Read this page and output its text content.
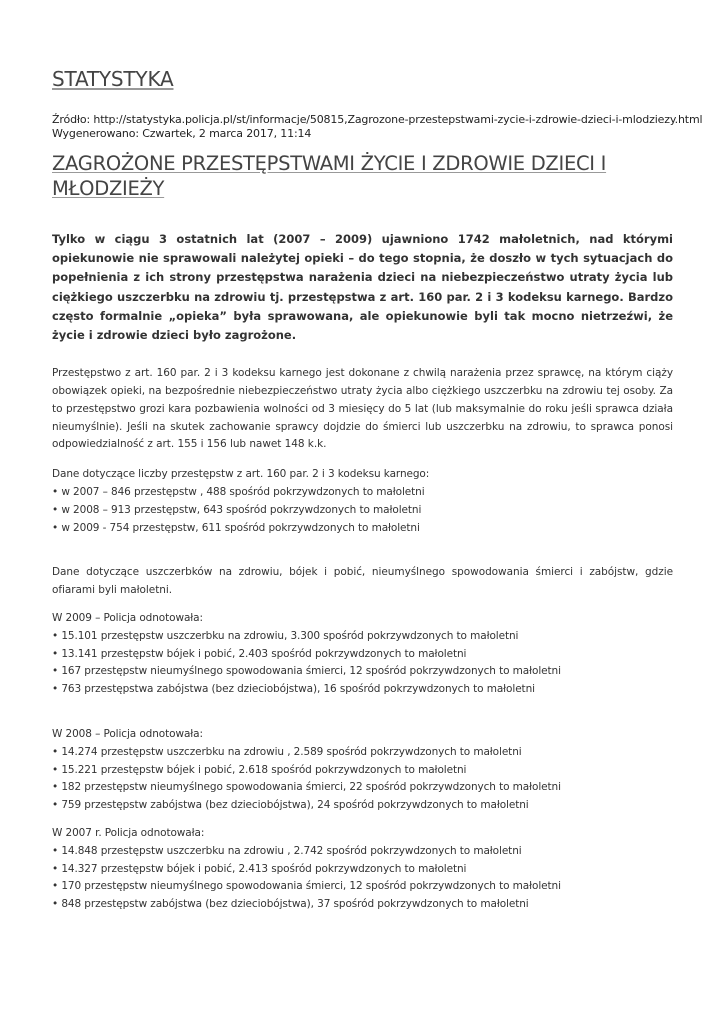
STATYSTYKA
Źródło: http://statystyka.policja.pl/st/informacje/50815,Zagrozone-przestepstwami-zycie-i-zdrowie-dzieci-i-mlodziezy.html
Wygenerowano: Czwartek, 2 marca 2017, 11:14
ZAGROŻONE PRZESTĘPSTWAMI ŻYCIE I ZDROWIE DZIECI I MŁODZIEŻY
Tylko w ciągu 3 ostatnich lat (2007 – 2009) ujawniono 1742 małoletnich, nad którymi opiekunowie nie sprawowali należytej opieki – do tego stopnia, że doszło w tych sytuacjach do popełnienia z ich strony przestępstwa narażenia dzieci na niebezpieczeństwo utraty życia lub ciężkiego uszczerbku na zdrowiu tj. przestępstwa z art. 160 par. 2 i 3 kodeksu karnego. Bardzo często formalnie „opieka” była sprawowana, ale opiekunowie byli tak mocno nietrzeźwi, że życie i zdrowie dzieci było zagrożone.
Przestępstwo z art. 160 par. 2 i 3 kodeksu karnego jest dokonane z chwilą narażenia przez sprawcę, na którym ciąży obowiązek opieki, na bezpośrednie niebezpieczeństwo utraty życia albo ciężkiego uszczerbku na zdrowiu tej osoby. Za to przestępstwo grozi kara pozbawienia wolności od 3 miesięcy do 5 lat (lub maksymalnie do roku jeśli sprawca działa nieumyślnie). Jeśli na skutek zachowanie sprawcy dojdzie do śmierci lub uszczerbku na zdrowiu, to sprawca ponosi odpowiedzialność z art. 155 i 156 lub nawet 148 k.k.
Dane dotyczące liczby przestępstw z art. 160 par. 2 i 3 kodeksu karnego:
• w 2007 – 846 przestępstw , 488 spośród pokrzywdzonych to małoletni
• w 2008 – 913 przestępstw, 643 spośród pokrzywdzonych to małoletni
• w 2009 - 754 przestępstw, 611 spośród pokrzywdzonych to małoletni
Dane dotyczące uszczerbków na zdrowiu, bójek i pobić, nieumyślnego spowodowania śmierci i zabójstw, gdzie ofiarami byli małoletni.
W 2009 – Policja odnotowała:
• 15.101 przestępstw uszczerbku na zdrowiu, 3.300 spośród pokrzywdzonych to małoletni
• 13.141 przestępstw bójek i pobić, 2.403 spośród pokrzywdzonych to małoletni
• 167 przestępstw nieumyślnego spowodowania śmierci, 12 spośród pokrzywdzonych to małoletni
• 763 przestępstwa zabójstwa (bez dzieciobójstwa), 16 spośród pokrzywdzonych to małoletni
W 2008 – Policja odnotowała:
• 14.274 przestępstw uszczerbku na zdrowiu , 2.589 spośród pokrzywdzonych to małoletni
• 15.221 przestępstw bójek i pobić, 2.618 spośród pokrzywdzonych to małoletni
• 182 przestępstw nieumyślnego spowodowania śmierci, 22 spośród pokrzywdzonych to małoletni
• 759 przestępstw zabójstwa (bez dzieciobójstwa), 24 spośród pokrzywdzonych to małoletni
W 2007 r. Policja odnotowała:
• 14.848 przestępstw uszczerbku na zdrowiu , 2.742 spośród pokrzywdzonych to małoletni
• 14.327 przestępstw bójek i pobić, 2.413 spośród pokrzywdzonych to małoletni
• 170 przestępstw nieumyślnego spowodowania śmierci, 12 spośród pokrzywdzonych to małoletni
• 848 przestępstw zabójstwa (bez dzieciobójstwa), 37 spośród pokrzywdzonych to małoletni
